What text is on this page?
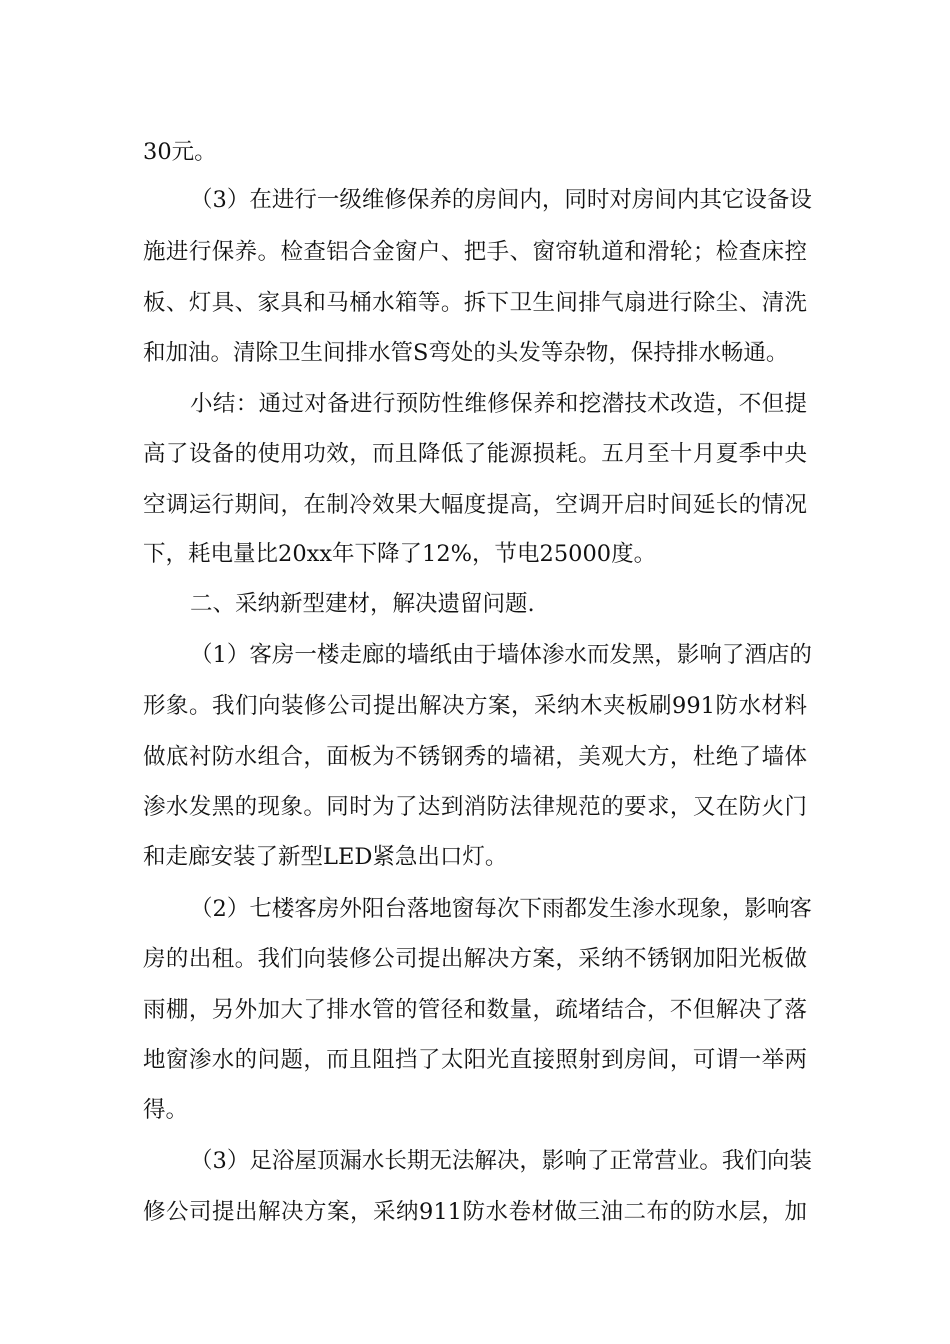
30元。
（3）在进行一级维修保养的房间内，同时对房间内其它设备设
施进行保养。检查铝合金窗户、把手、窗帘轨道和滑轮；检查床控
板、灯具、家具和马桶水箱等。拆下卫生间排气扇进行除尘、清洗
和加油。清除卫生间排水管S弯处的头发等杂物，保持排水畅通。
小结：通过对备进行预防性维修保养和挖潜技术改造，不但提
高了设备的使用功效，而且降低了能源损耗。五月至十月夏季中央
空调运行期间，在制冷效果大幅度提高，空调开启时间延长的情况
下，耗电量比20xx年下降了12%，节电25000度。
二、采纳新型建材，解决遗留问题.
（1）客房一楼走廊的墙纸由于墙体渗水而发黑，影响了酒店的
形象。我们向装修公司提出解决方案，采纳木夹板刷991防水材料
做底衬防水组合，面板为不锈钢秀的墙裙，美观大方，杜绝了墙体
渗水发黑的现象。同时为了达到消防法律规范的要求，又在防火门
和走廊安装了新型LED紧急出口灯。
（2）七楼客房外阳台落地窗每次下雨都发生渗水现象，影响客
房的出租。我们向装修公司提出解决方案，采纳不锈钢加阳光板做
雨棚，另外加大了排水管的管径和数量，疏堵结合，不但解决了落
地窗渗水的问题，而且阻挡了太阳光直接照射到房间，可谓一举两
得。
（3）足浴屋顶漏水长期无法解决，影响了正常营业。我们向装
修公司提出解决方案，采纳911防水卷材做三油二布的防水层，加
